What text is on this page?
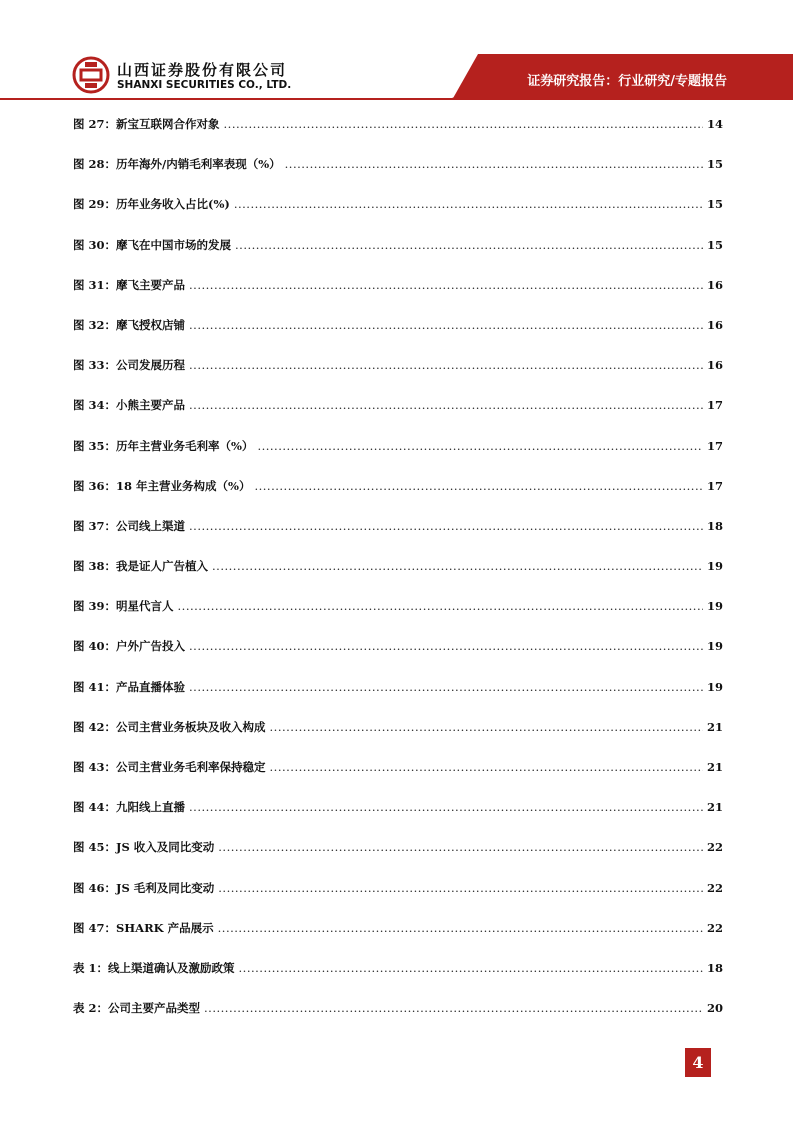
山西证券股份有限公司
SHANXI SECURITIES CO., LTD.	证券研究报告：行业研究/专题报告
图 27：新宝互联网合作对象 .....	14
图 28：历年海外/内销毛利率表现（%） .....	15
图 29：历年业务收入占比(%) .....	15
图 30：摩飞在中国市场的发展 .....	15
图 31：摩飞主要产品 .....	16
图 32：摩飞授权店铺 .....	16
图 33：公司发展历程 .....	16
图 34：小熊主要产品 .....	17
图 35：历年主营业务毛利率（%） .....	17
图 36：18 年主营业务构成（%） .....	17
图 37：公司线上渠道 .....	18
图 38：我是证人广告植入 .....	19
图 39：明星代言人 .....	19
图 40：户外广告投入 .....	19
图 41：产品直播体验 .....	19
图 42：公司主营业务板块及收入构成 .....	21
图 43：公司主营业务毛利率保持稳定 .....	21
图 44：九阳线上直播 .....	21
图 45：JS 收入及同比变动 .....	22
图 46：JS 毛利及同比变动 .....	22
图 47：SHARK 产品展示 .....	22
表 1：线上渠道确认及激励政策 .....	18
表 2：公司主要产品类型 .....	20
4
